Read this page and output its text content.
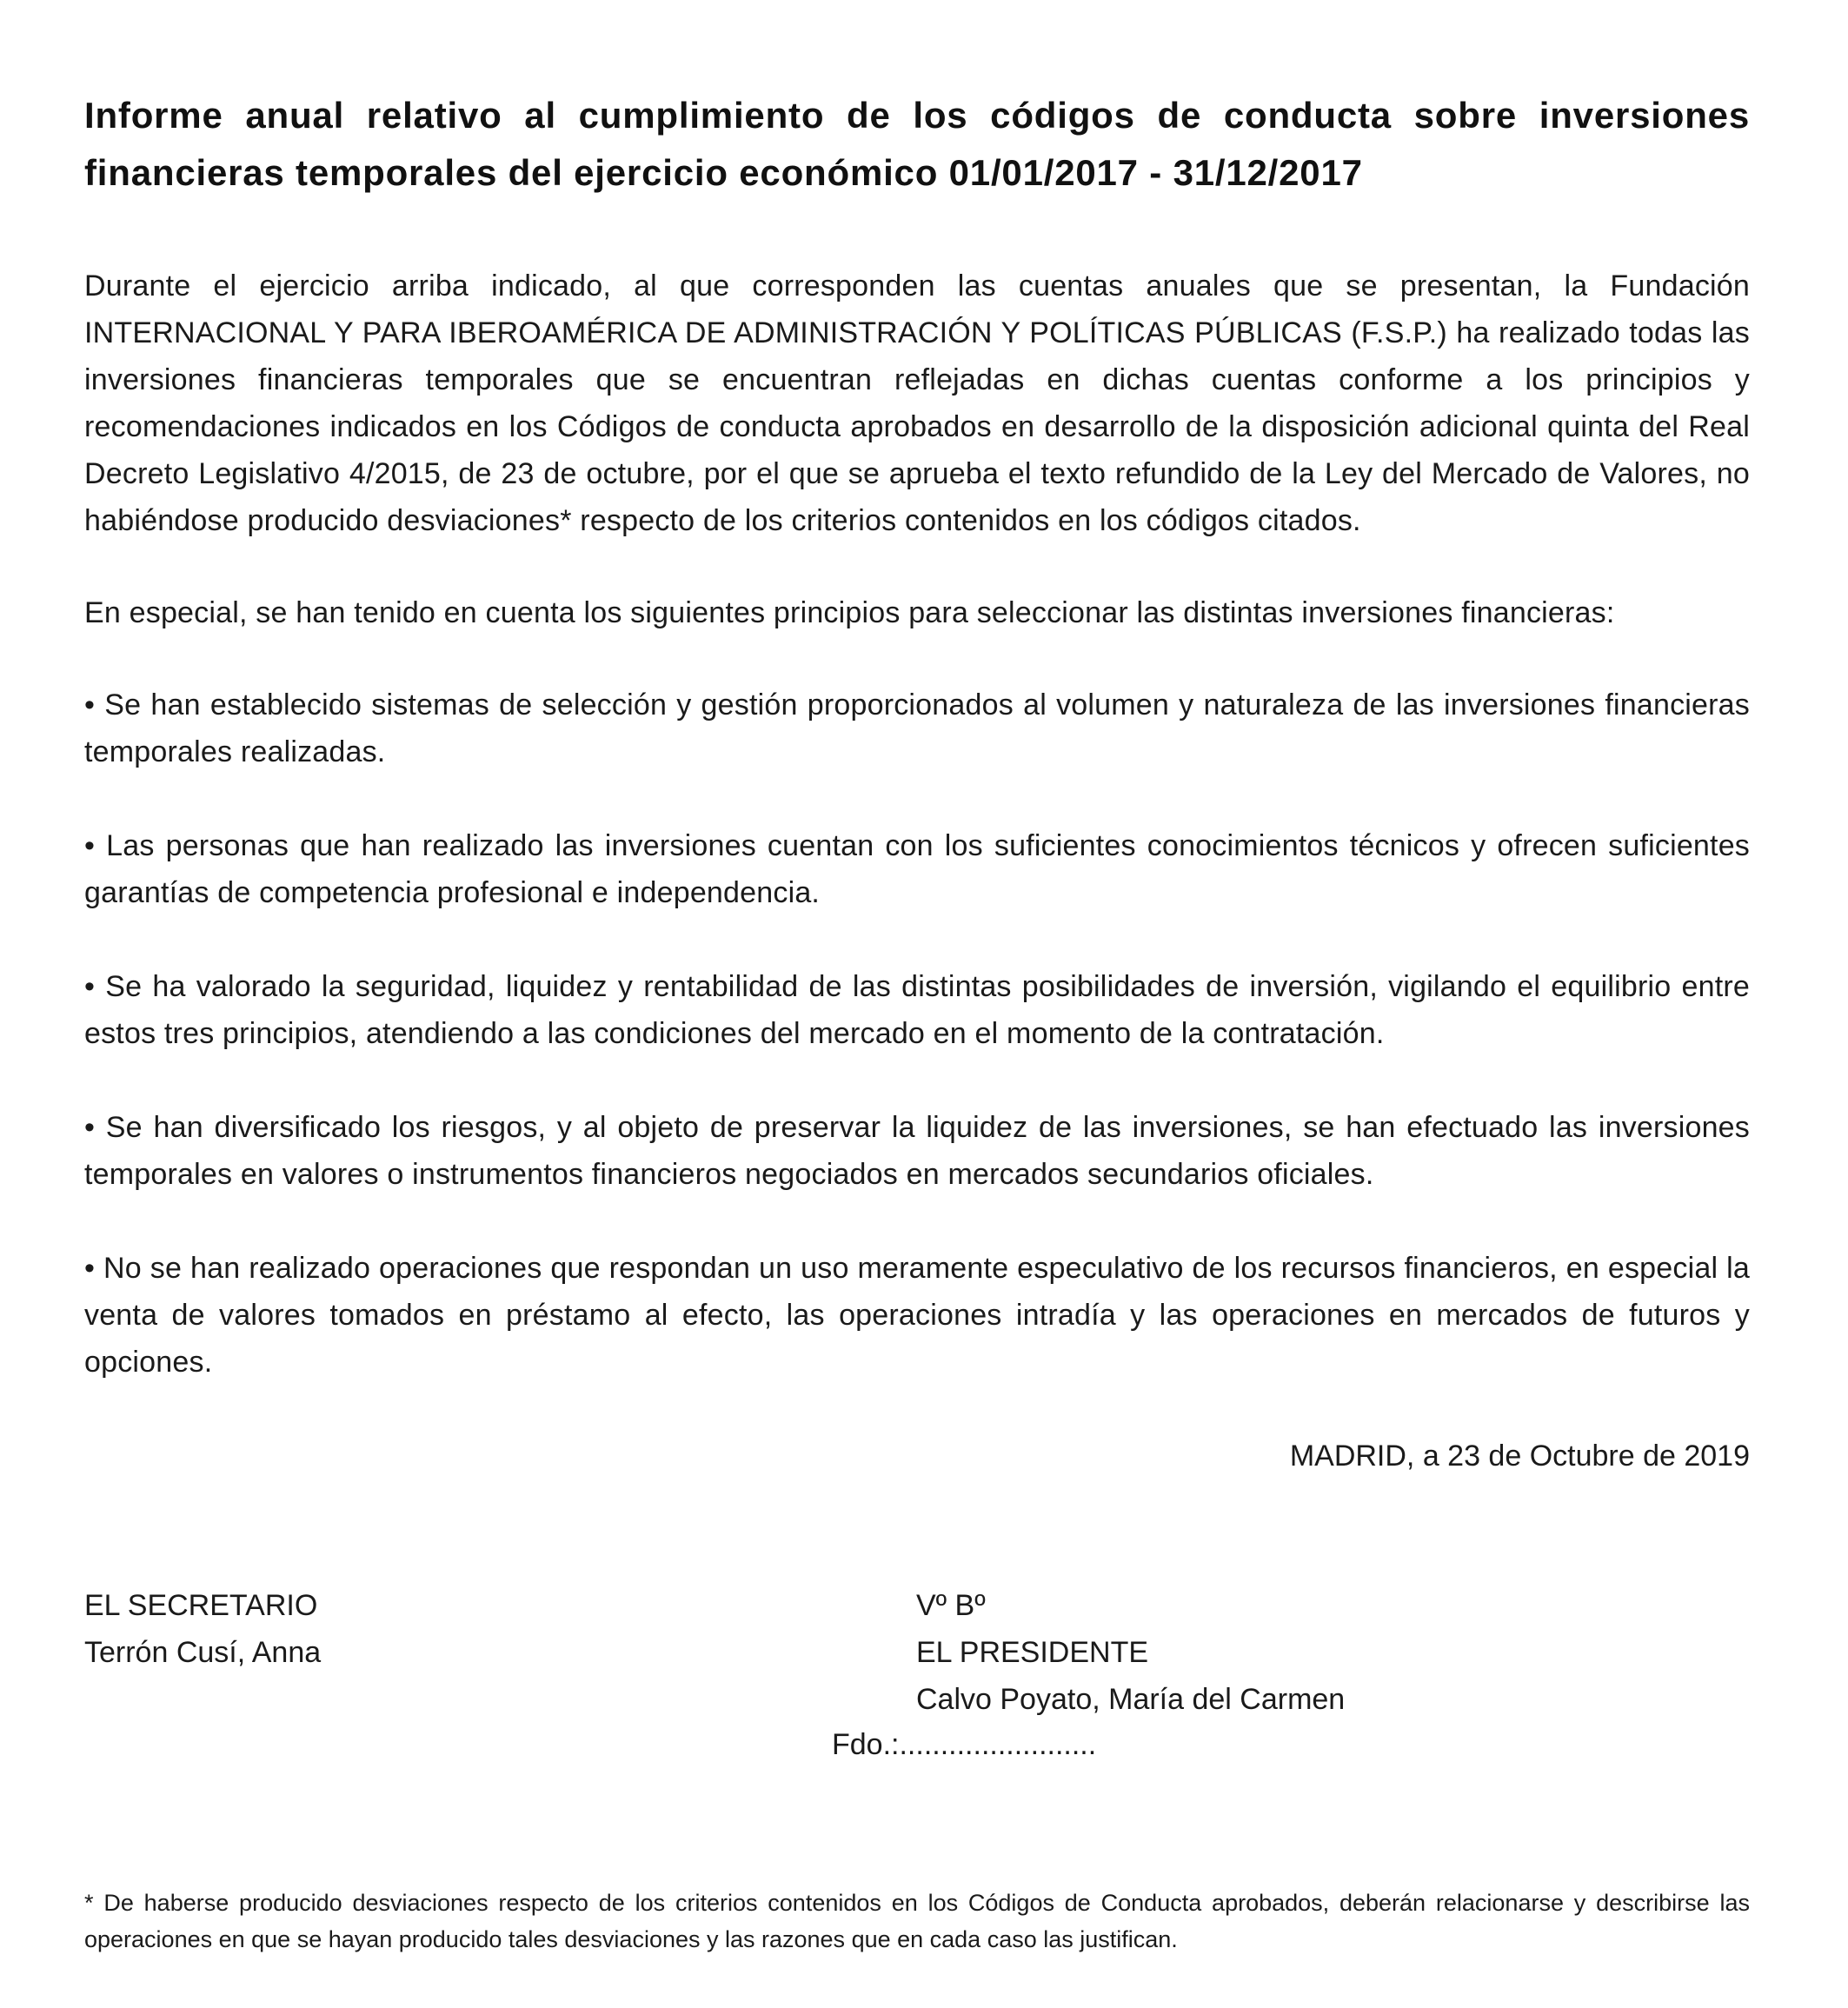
Informe anual relativo al cumplimiento de los códigos de conducta sobre inversiones financieras temporales del ejercicio económico 01/01/2017 - 31/12/2017

Durante el ejercicio arriba indicado, al que corresponden las cuentas anuales que se presentan, la Fundación INTERNACIONAL Y PARA IBEROAMÉRICA DE ADMINISTRACIÓN Y POLÍTICAS PÚBLICAS (F.S.P.) ha realizado todas las inversiones financieras temporales que se encuentran reflejadas en dichas cuentas conforme a los principios y recomendaciones indicados en los Códigos de conducta aprobados en desarrollo de la disposición adicional quinta del Real Decreto Legislativo 4/2015, de 23 de octubre, por el que se aprueba el texto refundido de la Ley del Mercado de Valores, no habiéndose producido desviaciones* respecto de los criterios contenidos en los códigos citados.

En especial, se han tenido en cuenta los siguientes principios para seleccionar las distintas inversiones financieras:

• Se han establecido sistemas de selección y gestión proporcionados al volumen y naturaleza de las inversiones financieras temporales realizadas.

• Las personas que han realizado las inversiones cuentan con los suficientes conocimientos técnicos y ofrecen suficientes garantías de competencia profesional e independencia.

• Se ha valorado la seguridad, liquidez y rentabilidad de las distintas posibilidades de inversión, vigilando el equilibrio entre estos tres principios, atendiendo a las condiciones del mercado en el momento de la contratación.

• Se han diversificado los riesgos, y al objeto de preservar la liquidez de las inversiones, se han efectuado las inversiones temporales en valores o instrumentos financieros negociados en mercados secundarios oficiales.

• No se han realizado operaciones que respondan un uso meramente especulativo de los recursos financieros, en especial la venta de valores tomados en préstamo al efecto, las operaciones intradía y las operaciones en mercados de futuros y opciones.

MADRID, a 23 de Octubre de 2019

EL SECRETARIO
Terrón Cusí, Anna
Vº Bº
EL PRESIDENTE
Calvo Poyato, María del Carmen
Fdo.:........................
* De haberse producido desviaciones respecto de los criterios contenidos en los Códigos de Conducta aprobados, deberán relacionarse y describirse las operaciones en que se hayan producido tales desviaciones y las razones que en cada caso las justifican.
